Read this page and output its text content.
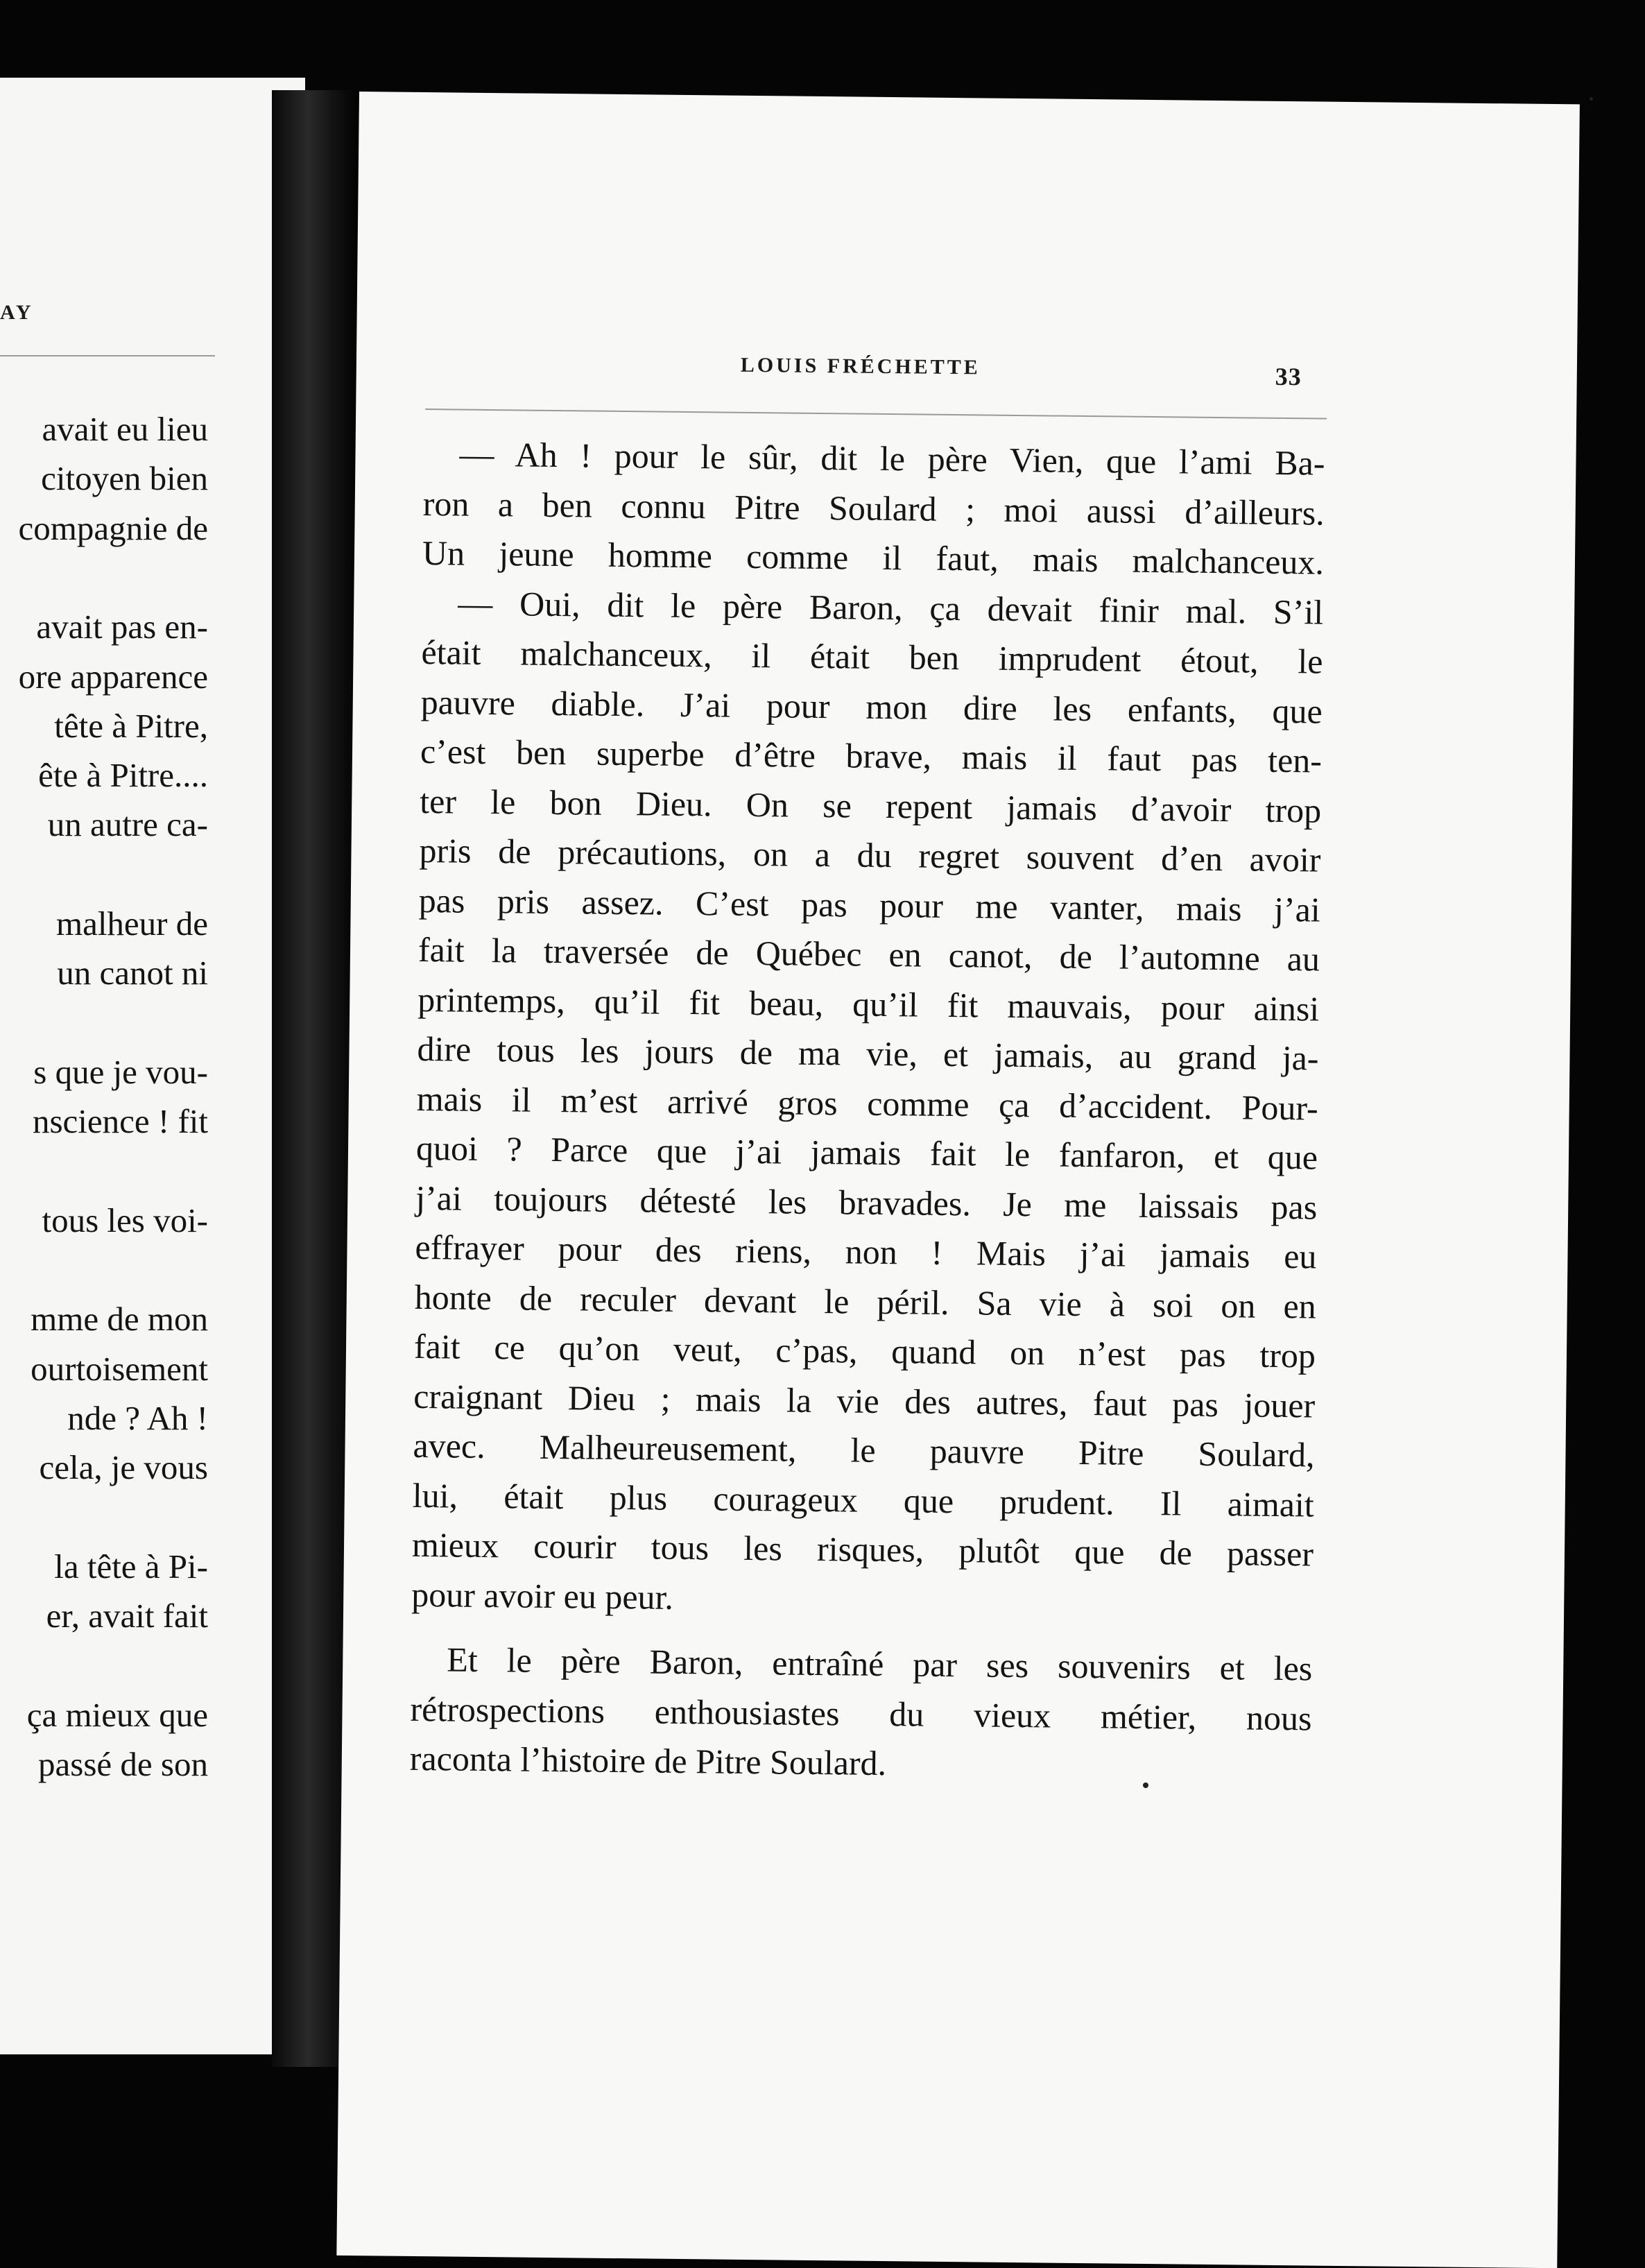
AY
avait eu lieu
citoyen bien
compagnie de
avait pas en-
ore apparence
tête à Pitre,
ête à Pitre....
un autre ca-
malheur de
un canot ni
s que je vou-
nscience ! fit
tous les voi-
mme de mon
ourtoisement
nde ? Ah !
cela, je vous
la tête à Pi-
er, avait fait
ça mieux que
passé de son
LOUIS FRÉCHETTE	33
— Ah ! pour le sûr, dit le père Vien, que l’ami Ba-
ron a ben connu Pitre Soulard ; moi aussi d’ailleurs.
Un jeune homme comme il faut, mais malchanceux.
— Oui, dit le père Baron, ça devait finir mal. S’il
était malchanceux, il était ben imprudent étout, le
pauvre diable. J’ai pour mon dire les enfants, que
c’est ben superbe d’être brave, mais il faut pas ten-
ter le bon Dieu. On se repent jamais d’avoir trop
pris de précautions, on a du regret souvent d’en avoir
pas pris assez. C’est pas pour me vanter, mais j’ai
fait la traversée de Québec en canot, de l’automne au
printemps, qu’il fit beau, qu’il fit mauvais, pour ainsi
dire tous les jours de ma vie, et jamais, au grand ja-
mais il m’est arrivé gros comme ça d’accident. Pour-
quoi ? Parce que j’ai jamais fait le fanfaron, et que
j’ai toujours détesté les bravades. Je me laissais pas
effrayer pour des riens, non ! Mais j’ai jamais eu
honte de reculer devant le péril. Sa vie à soi on en
fait ce qu’on veut, c’pas, quand on n’est pas trop
craignant Dieu ; mais la vie des autres, faut pas jouer
avec. Malheureusement, le pauvre Pitre Soulard,
lui, était plus courageux que prudent. Il aimait
mieux courir tous les risques, plutôt que de passer
pour avoir eu peur.
Et le père Baron, entraîné par ses souvenirs et les
rétrospections enthousiastes du vieux métier, nous
raconta l’histoire de Pitre Soulard.
